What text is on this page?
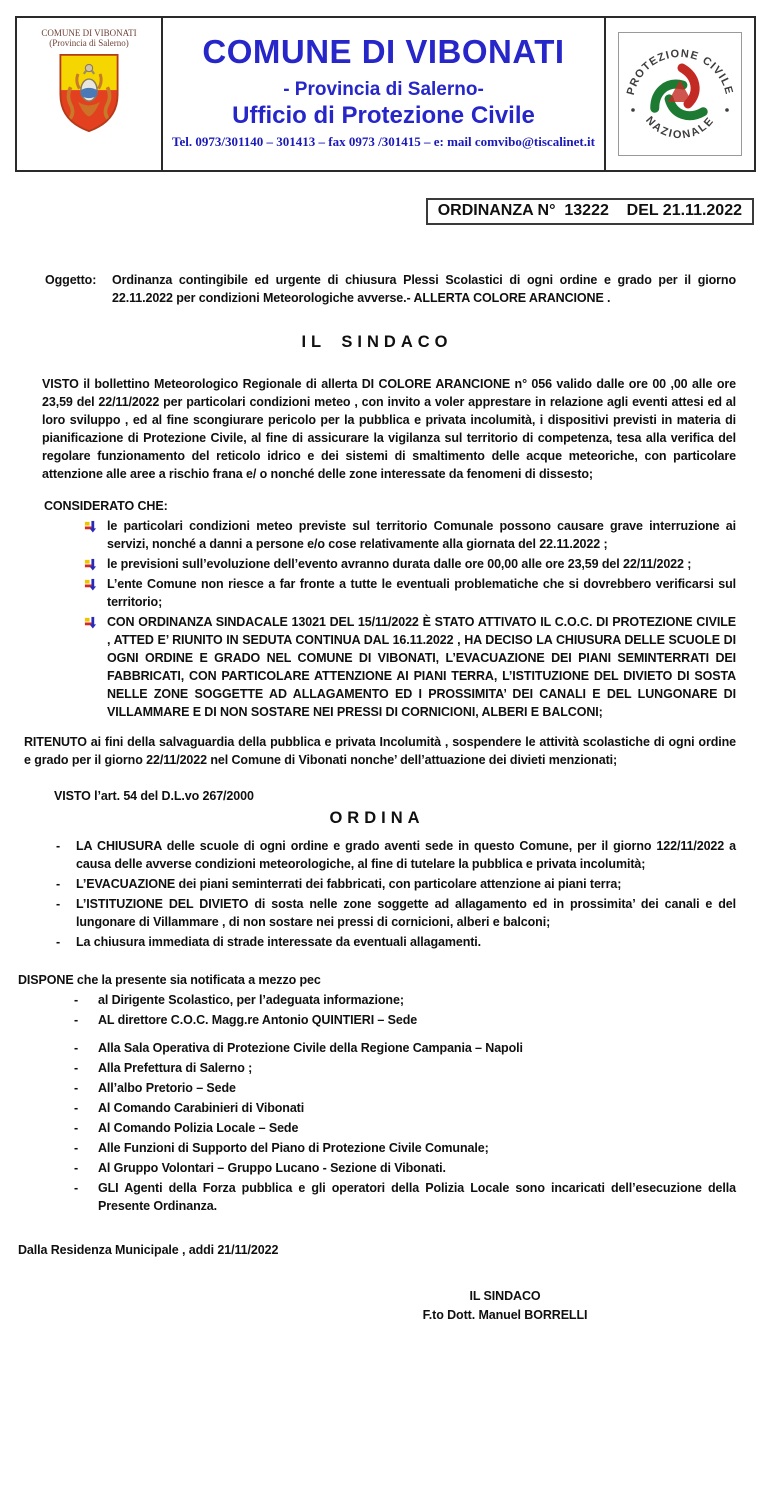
COMUNE DI VIBONATI
(Provincia di Salerno)	COMUNE DI VIBONATI
- Provincia di Salerno-
Ufficio di Protezione Civile
Tel. 0973/301140 – 301413 – fax 0973 /301415 – e: mail comvibo@tiscalinet.it
PROTEZIONE CIVILE
NAZIONALE
ORDINANZA N°  13222    DEL 21.11.2022
Oggetto:	Ordinanza contingibile ed urgente di chiusura Plessi Scolastici di ogni ordine e grado per il giorno 22.11.2022 per condizioni Meteorologiche avverse.- ALLERTA COLORE ARANCIONE .
IL SINDACO
VISTO il bollettino Meteorologico Regionale di allerta DI COLORE ARANCIONE n° 056 valido dalle ore 00 ,00 alle ore 23,59 del 22/11/2022 per particolari condizioni meteo , con invito a voler apprestare in relazione agli eventi attesi ed al loro sviluppo , ed al fine scongiurare pericolo per la pubblica e privata incolumità, i dispositivi previsti in materia di pianificazione di Protezione Civile, al fine di assicurare la vigilanza sul territorio di competenza, tesa alla verifica del regolare funzionamento del reticolo idrico e dei sistemi di smaltimento delle acque meteoriche, con particolare attenzione alle aree a rischio frana e/ o nonché delle zone interessate da fenomeni di dissesto;
CONSIDERATO CHE:
le particolari condizioni meteo previste sul territorio Comunale possono causare grave interruzione ai servizi, nonché a danni a persone e/o cose relativamente alla giornata del 22.11.2022 ;
le previsioni sull’evoluzione dell’evento avranno durata dalle ore 00,00 alle ore 23,59 del 22/11/2022 ;
L’ente Comune non riesce a far fronte a tutte le eventuali problematiche che si dovrebbero verificarsi sul territorio;
CON ORDINANZA SINDACALE 13021 DEL 15/11/2022 È STATO ATTIVATO IL C.O.C. DI PROTEZIONE CIVILE , ATTED E’ RIUNITO IN SEDUTA CONTINUA DAL 16.11.2022 , HA DECISO LA CHIUSURA DELLE SCUOLE DI OGNI ORDINE E GRADO NEL COMUNE DI VIBONATI, L’EVACUAZIONE DEI PIANI SEMINTERRATI DEI FABBRICATI, CON PARTICOLARE ATTENZIONE AI PIANI TERRA, L’ISTITUZIONE DEL DIVIETO DI SOSTA NELLE ZONE SOGGETTE AD ALLAGAMENTO ED I PROSSIMITA’ DEI CANALI E DEL LUNGONARE DI VILLAMMARE E DI NON SOSTARE NEI PRESSI DI CORNICIONI, ALBERI E BALCONI;
RITENUTO ai fini della salvaguardia della pubblica e privata Incolumità , sospendere le attività scolastiche di ogni ordine e grado per il giorno 22/11/2022 nel Comune di Vibonati nonche’ dell’attuazione dei divieti menzionati;
VISTO l’art. 54 del D.L.vo 267/2000
ORDINA
-	LA CHIUSURA delle scuole di ogni ordine e grado aventi sede in questo Comune, per il giorno 122/11/2022 a causa delle avverse condizioni meteorologiche, al fine di tutelare la pubblica e privata incolumità;
-	L’EVACUAZIONE dei piani seminterrati dei fabbricati, con particolare attenzione ai piani terra;
-	L’ISTITUZIONE DEL DIVIETO di sosta nelle zone soggette ad allagamento ed in prossimita’ dei canali e del lungonare di Villammare , di non sostare nei pressi di cornicioni, alberi e balconi;
-	La chiusura immediata di strade interessate da eventuali allagamenti.
DISPONE che la presente sia notificata a mezzo pec
-	al Dirigente Scolastico, per l’adeguata informazione;
-	AL direttore C.O.C. Magg.re Antonio QUINTIERI – Sede
-	Alla Sala Operativa di Protezione Civile della Regione Campania – Napoli
-	Alla Prefettura di Salerno ;
-	All’albo Pretorio – Sede
-	Al Comando Carabinieri di Vibonati
-	Al Comando Polizia Locale – Sede
-	Alle Funzioni di Supporto del Piano di Protezione Civile Comunale;
-	Al Gruppo Volontari – Gruppo Lucano - Sezione di Vibonati.
-	GLI Agenti della Forza pubblica e gli operatori della Polizia Locale sono incaricati dell’esecuzione della Presente Ordinanza.
Dalla Residenza Municipale , addi 21/11/2022
IL SINDACO
F.to Dott. Manuel BORRELLI
